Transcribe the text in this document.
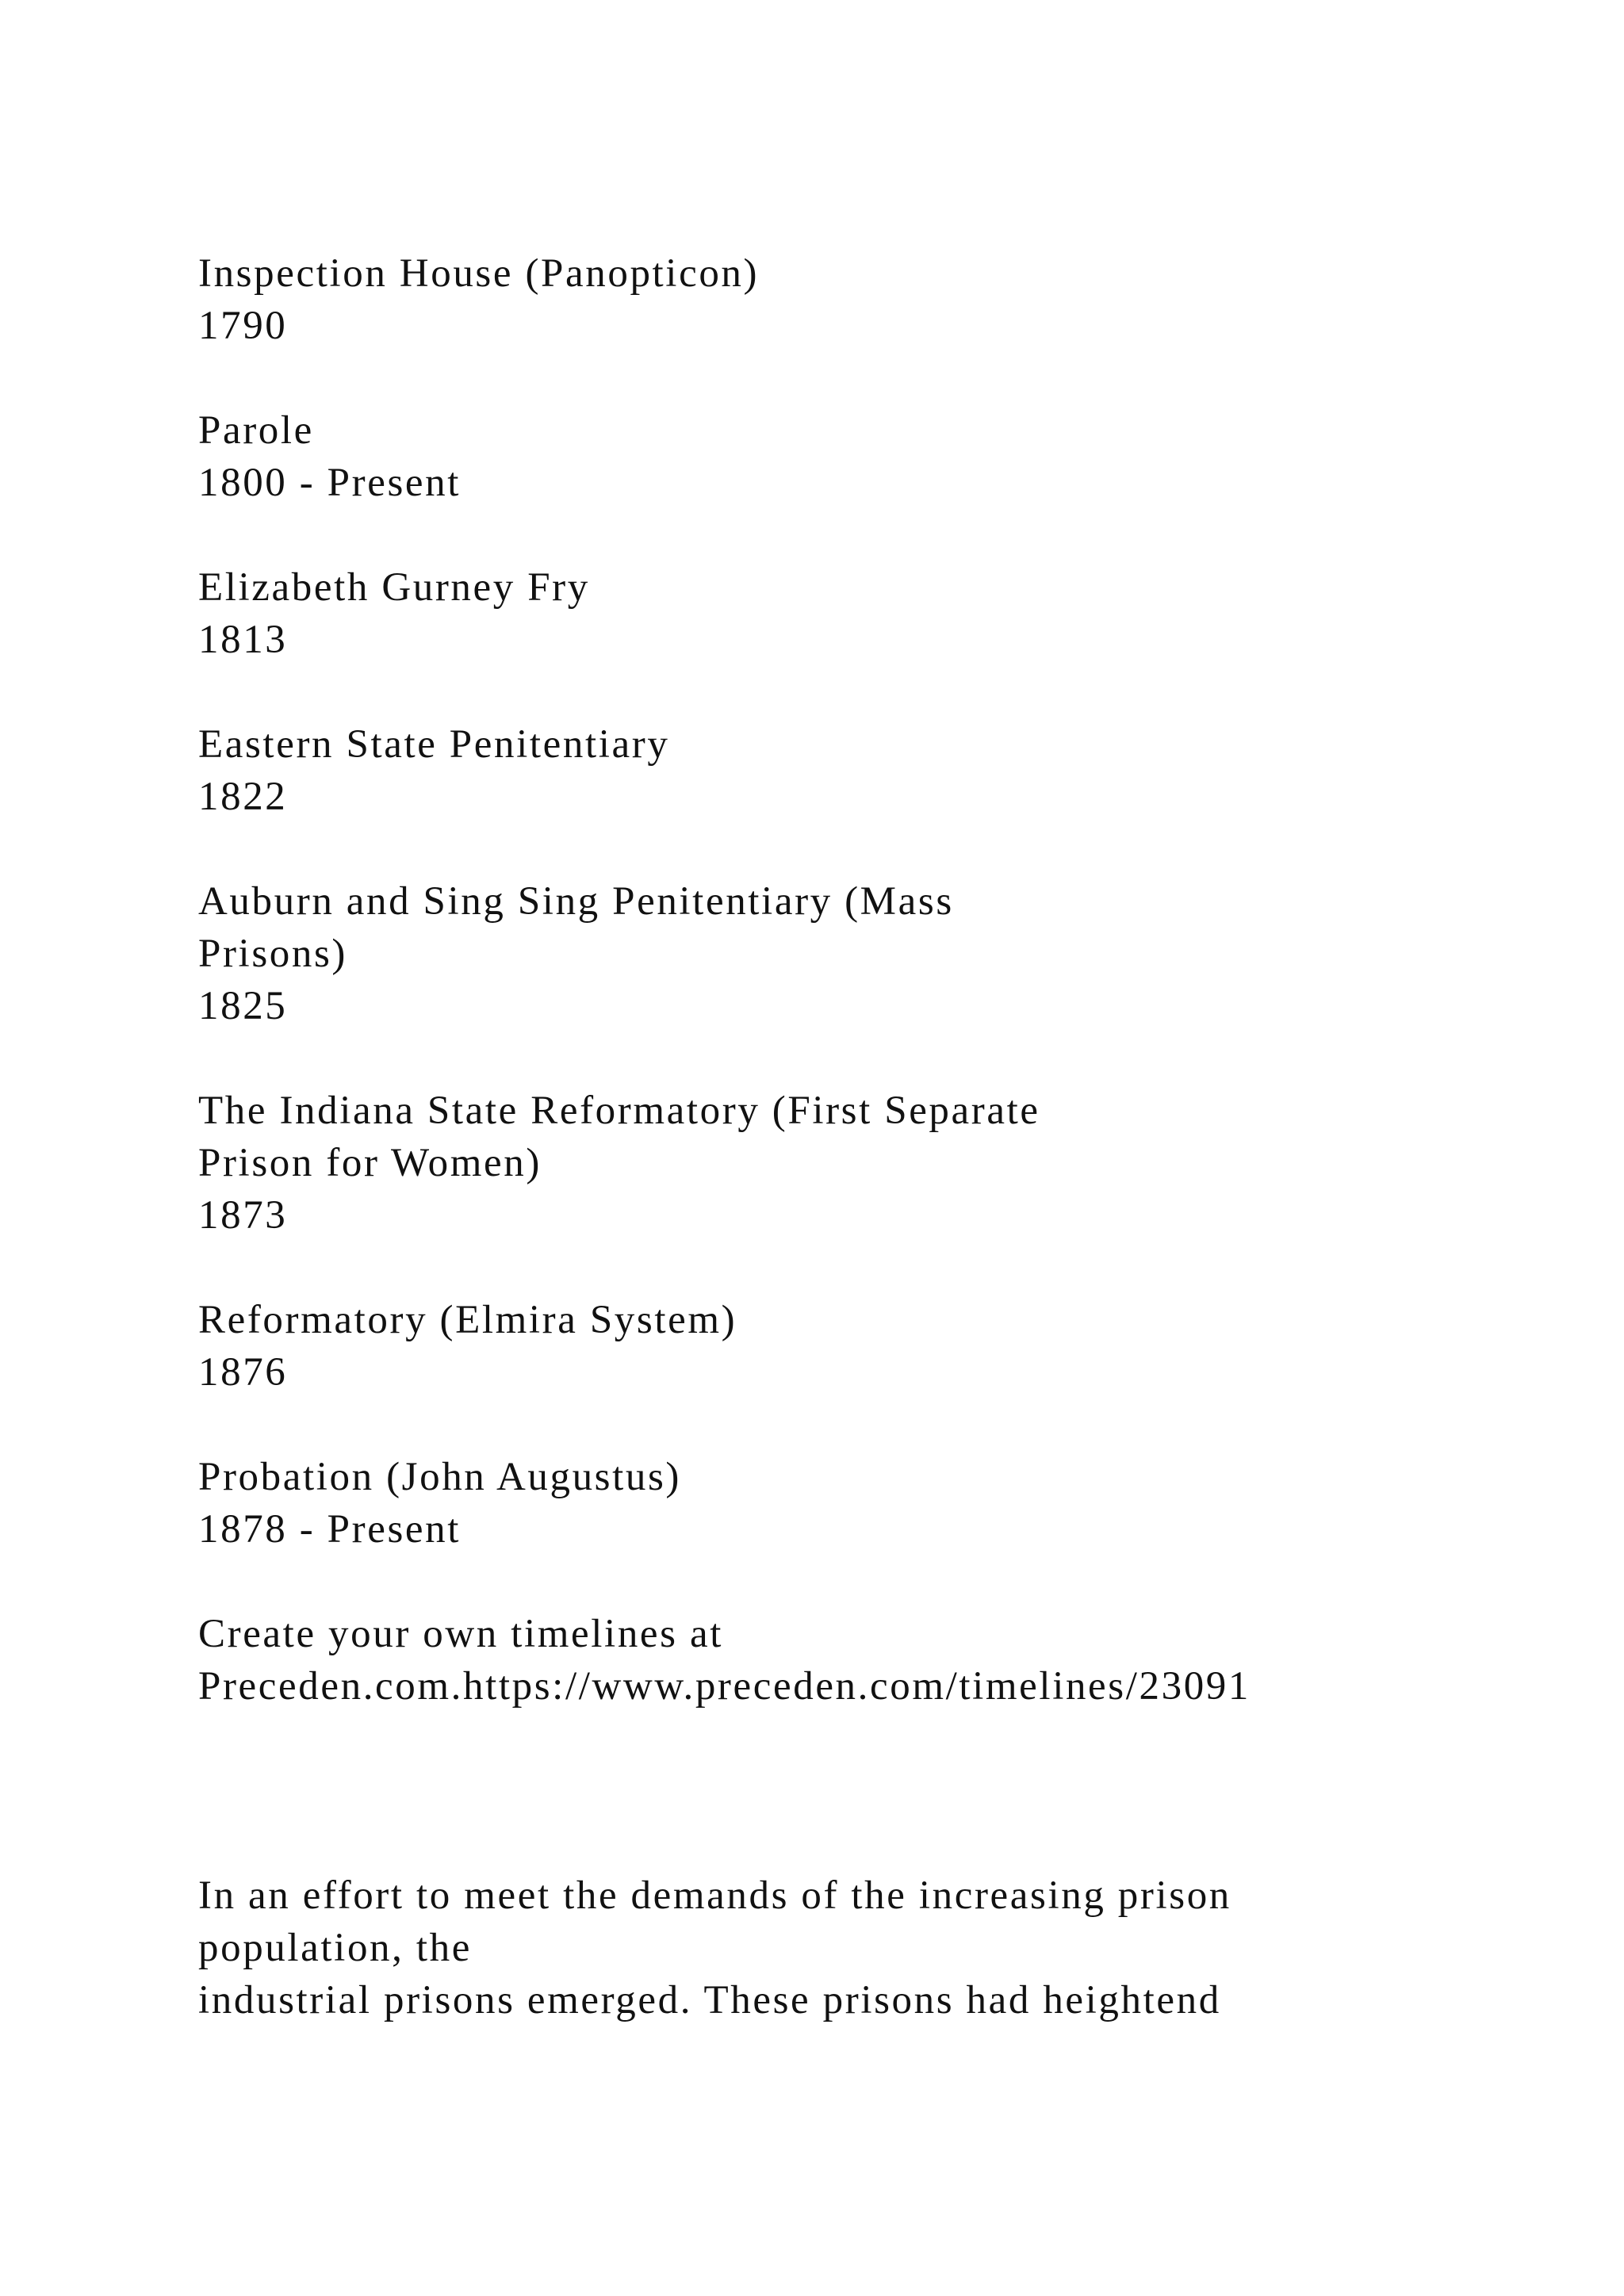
Inspection House (Panopticon)
1790
Parole
1800 - Present
Elizabeth Gurney Fry
1813
Eastern State Penitentiary
1822
Auburn and Sing Sing Penitentiary (Mass
Prisons)
1825
The Indiana State Reformatory (First Separate
Prison for Women)
1873
Reformatory (Elmira System)
1876
Probation (John Augustus)
1878 - Present
Create your own timelines at
Preceden.com.https://www.preceden.com/timelines/23091
In an effort to meet the demands of the increasing prison
population, the
industrial prisons emerged. These prisons had heightend
